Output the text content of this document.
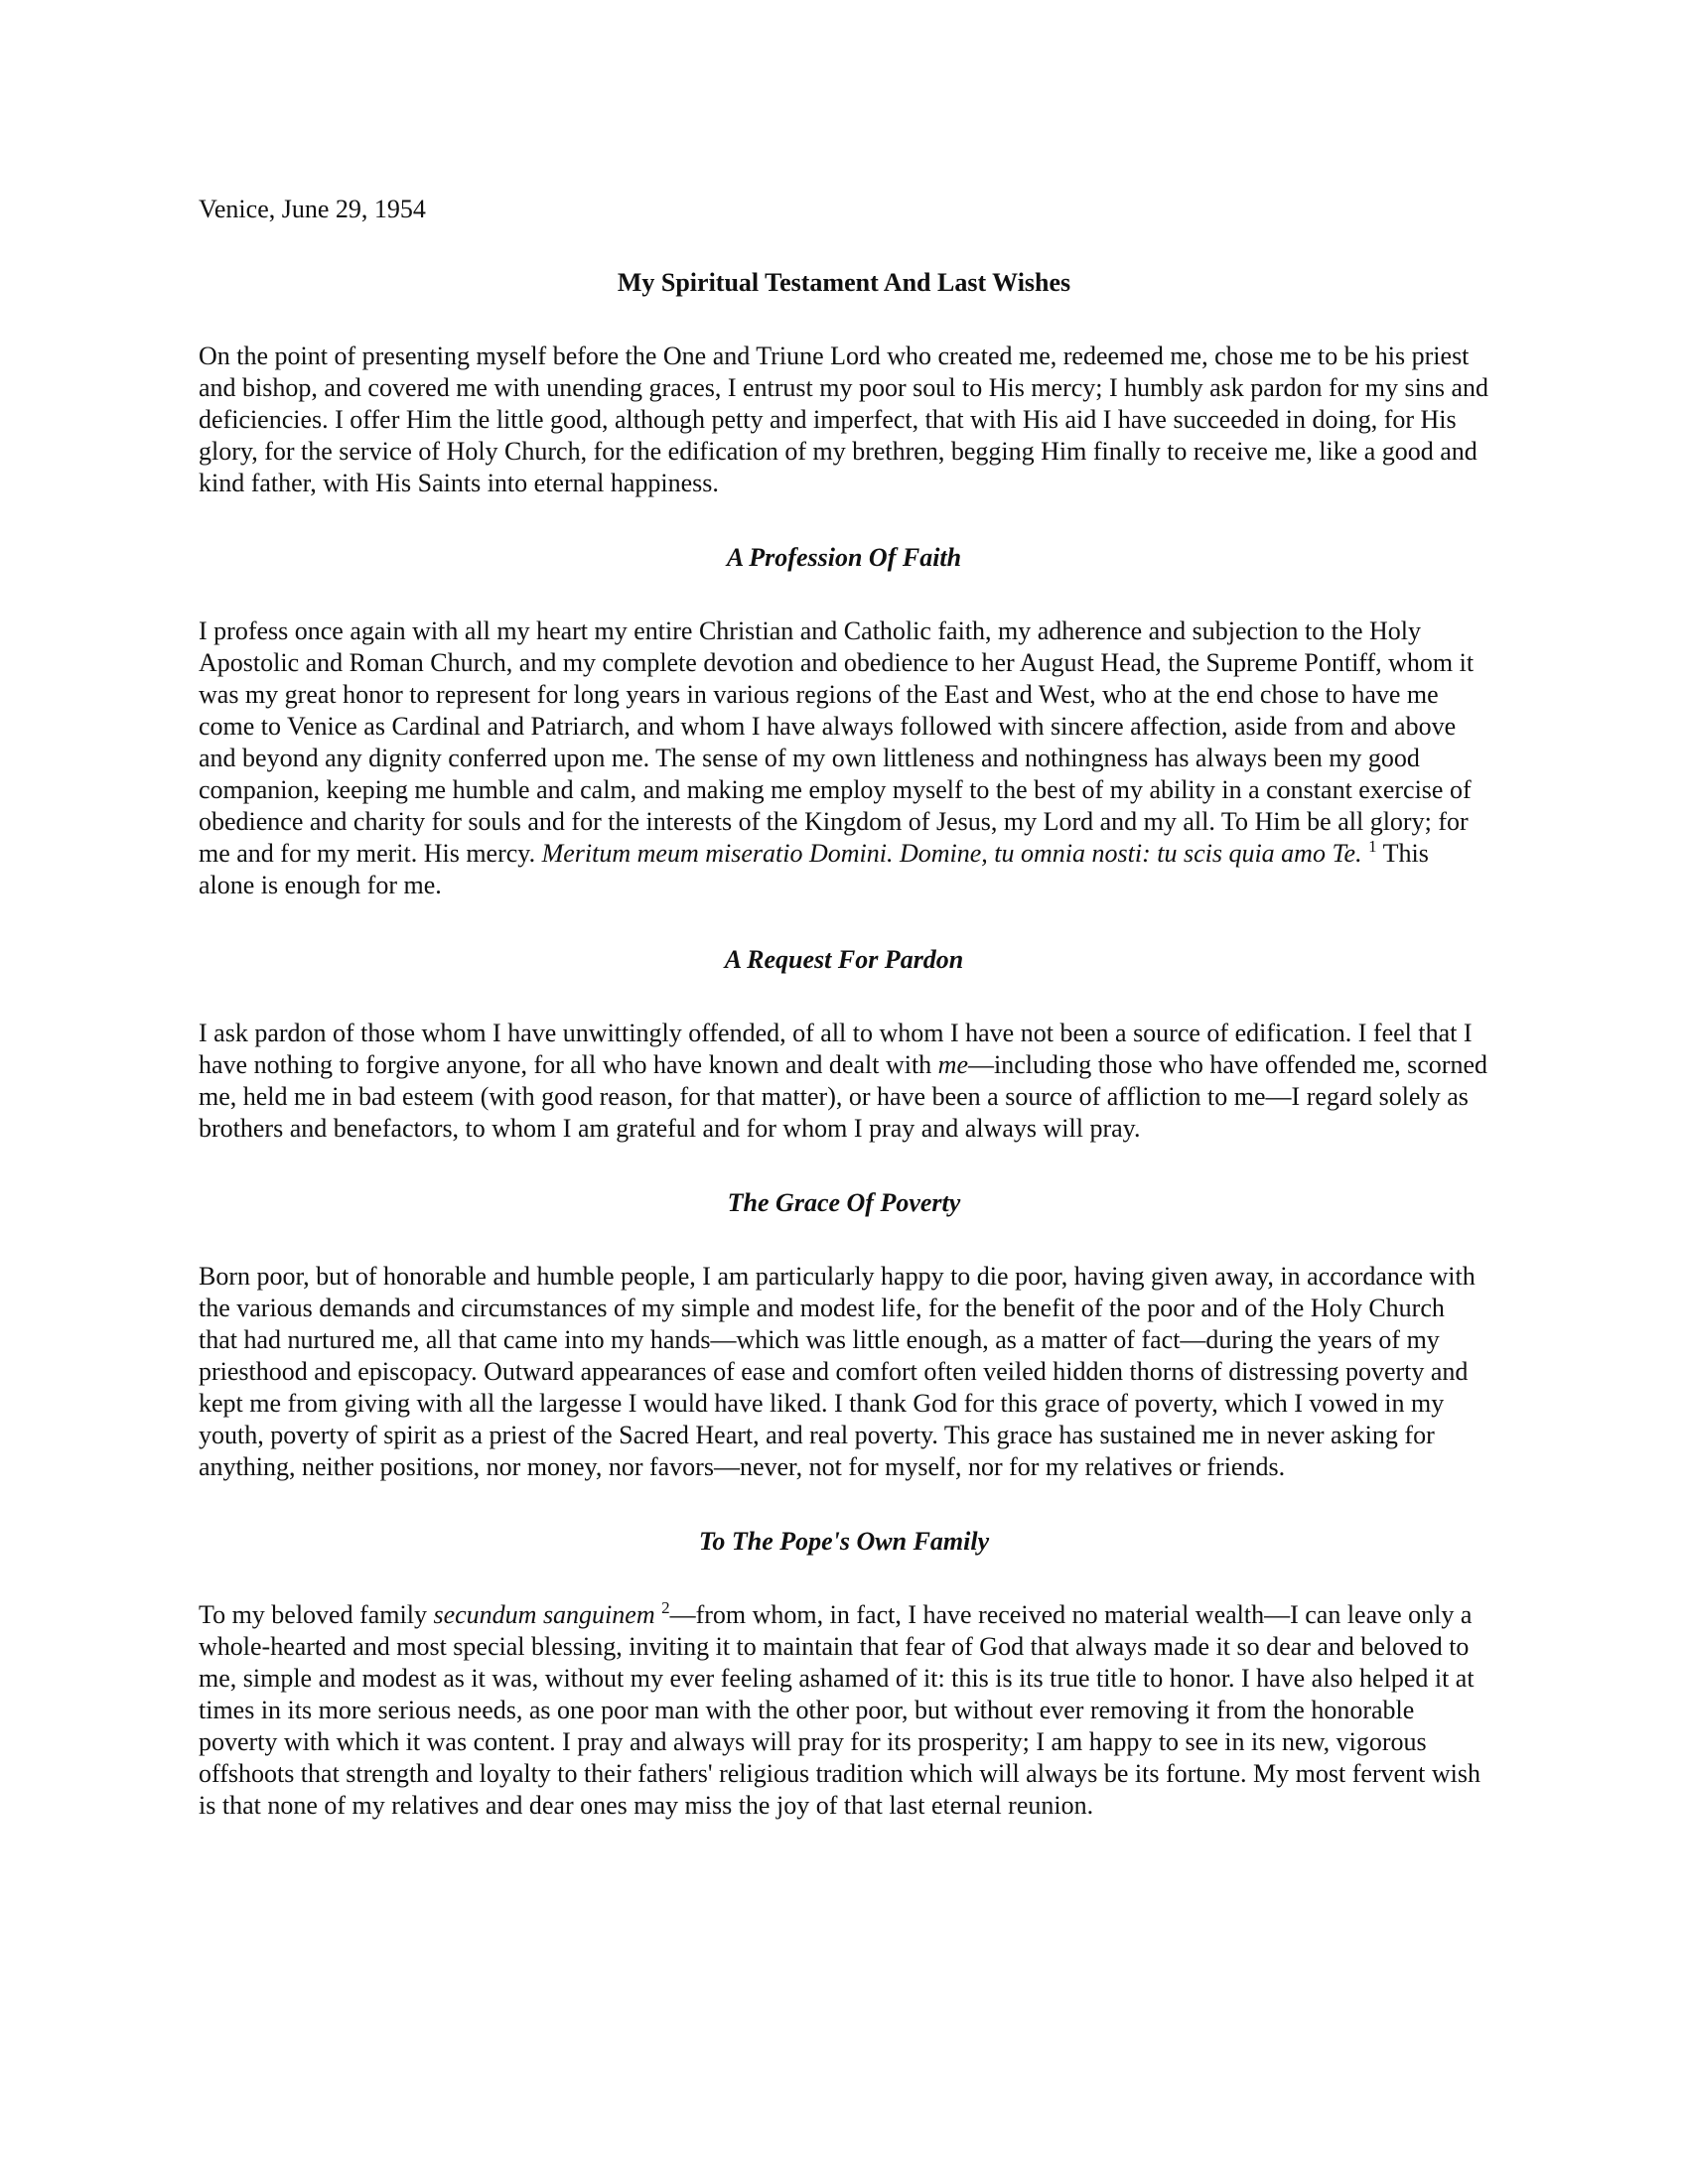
Venice, June 29, 1954

My Spiritual Testament And Last Wishes

On the point of presenting myself before the One and Triune Lord who created me, redeemed me, chose me to be his priest and bishop, and covered me with unending graces, I entrust my poor soul to His mercy; I humbly ask pardon for my sins and deficiencies. I offer Him the little good, although petty and imperfect, that with His aid I have succeeded in doing, for His glory, for the service of Holy Church, for the edification of my brethren, begging Him finally to receive me, like a good and kind father, with His Saints into eternal happiness.

A Profession Of Faith

I profess once again with all my heart my entire Christian and Catholic faith, my adherence and subjection to the Holy Apostolic and Roman Church, and my complete devotion and obedience to her August Head, the Supreme Pontiff, whom it was my great honor to represent for long years in various regions of the East and West, who at the end chose to have me come to Venice as Cardinal and Patriarch, and whom I have always followed with sincere affection, aside from and above and beyond any dignity conferred upon me. The sense of my own littleness and nothingness has always been my good companion, keeping me humble and calm, and making me employ myself to the best of my ability in a constant exercise of obedience and charity for souls and for the interests of the Kingdom of Jesus, my Lord and my all. To Him be all glory; for me and for my merit. His mercy. Meritum meum miseratio Domini. Domine, tu omnia nosti: tu scis quia amo Te. $^1$ This alone is enough for me.

A Request For Pardon

I ask pardon of those whom I have unwittingly offended, of all to whom I have not been a source of edification. I feel that I have nothing to forgive anyone, for all who have known and dealt with me—including those who have offended me, scorned me, held me in bad esteem (with good reason, for that matter), or have been a source of affliction to me—I regard solely as brothers and benefactors, to whom I am grateful and for whom I pray and always will pray.

The Grace Of Poverty

Born poor, but of honorable and humble people, I am particularly happy to die poor, having given away, in accordance with the various demands and circumstances of my simple and modest life, for the benefit of the poor and of the Holy Church that had nurtured me, all that came into my hands—which was little enough, as a matter of fact—during the years of my priesthood and episcopacy. Outward appearances of ease and comfort often veiled hidden thorns of distressing poverty and kept me from giving with all the largesse I would have liked. I thank God for this grace of poverty, which I vowed in my youth, poverty of spirit as a priest of the Sacred Heart, and real poverty. This grace has sustained me in never asking for anything, neither positions, nor money, nor favors—never, not for myself, nor for my relatives or friends.

To The Pope's Own Family

To my beloved family secundum sanguinem $^2$—from whom, in fact, I have received no material wealth—I can leave only a whole-hearted and most special blessing, inviting it to maintain that fear of God that always made it so dear and beloved to me, simple and modest as it was, without my ever feeling ashamed of it: this is its true title to honor. I have also helped it at times in its more serious needs, as one poor man with the other poor, but without ever removing it from the honorable poverty with which it was content. I pray and always will pray for its prosperity; I am happy to see in its new, vigorous offshoots that strength and loyalty to their fathers' religious tradition which will always be its fortune. My most fervent wish is that none of my relatives and dear ones may miss the joy of that last eternal reunion.
